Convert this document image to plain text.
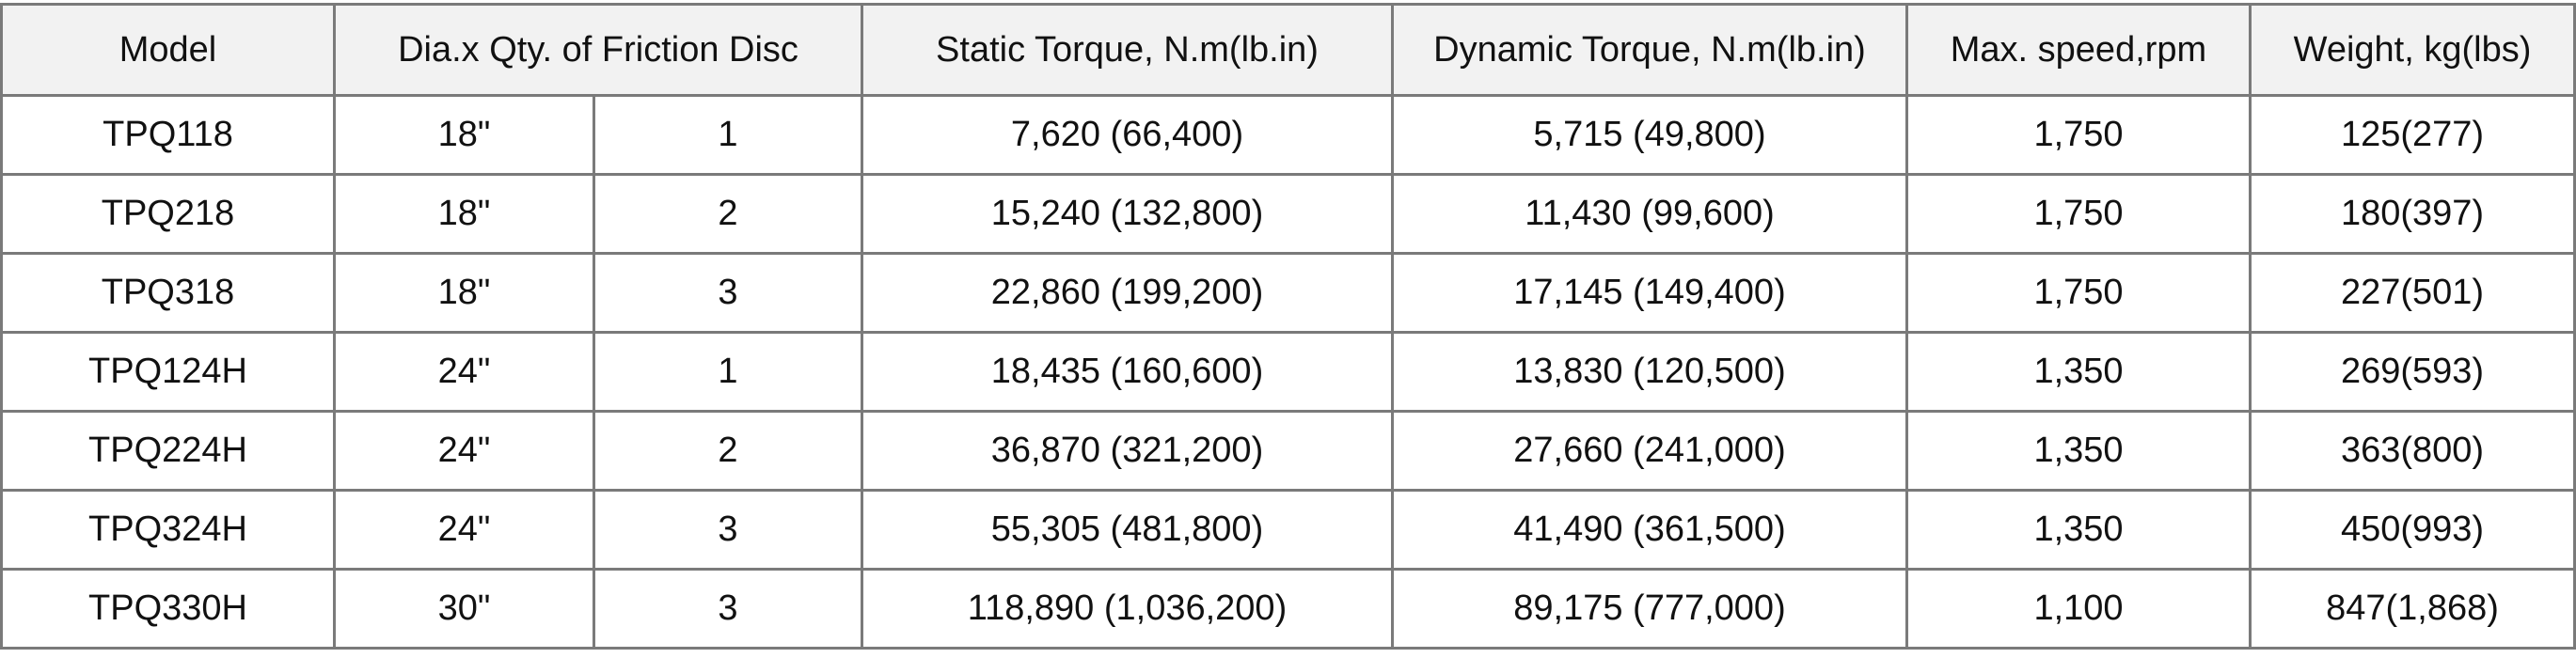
Model	Dia.x Qty. of Friction Disc		Static Torque, N.m(lb.in)	Dynamic Torque, N.m(lb.in)	Max. speed,rpm	Weight, kg(lbs)
TPQ118	18"	1	7,620 (66,400)	5,715 (49,800)	1,750	125(277)
TPQ218	18"	2	15,240 (132,800)	11,430 (99,600)	1,750	180(397)
TPQ318	18"	3	22,860 (199,200)	17,145 (149,400)	1,750	227(501)
TPQ124H	24"	1	18,435 (160,600)	13,830 (120,500)	1,350	269(593)
TPQ224H	24"	2	36,870 (321,200)	27,660 (241,000)	1,350	363(800)
TPQ324H	24"	3	55,305 (481,800)	41,490 (361,500)	1,350	450(993)
TPQ330H	30"	3	118,890 (1,036,200)	89,175 (777,000)	1,100	847(1,868)
